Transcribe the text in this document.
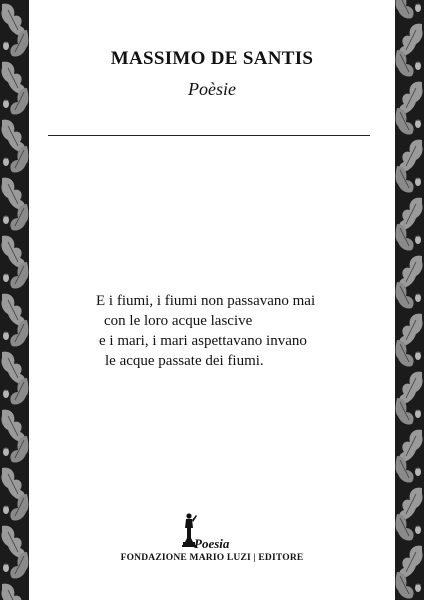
MASSIMO DE SANTIS
Poèsie
E i fiumi, i fiumi non passavano mai
con le loro acque lascive
e i mari, i mari aspettavano invano
le acque passate dei fiumi.
Poesia
FONDAZIONE MARIO LUZI | EDITORE
